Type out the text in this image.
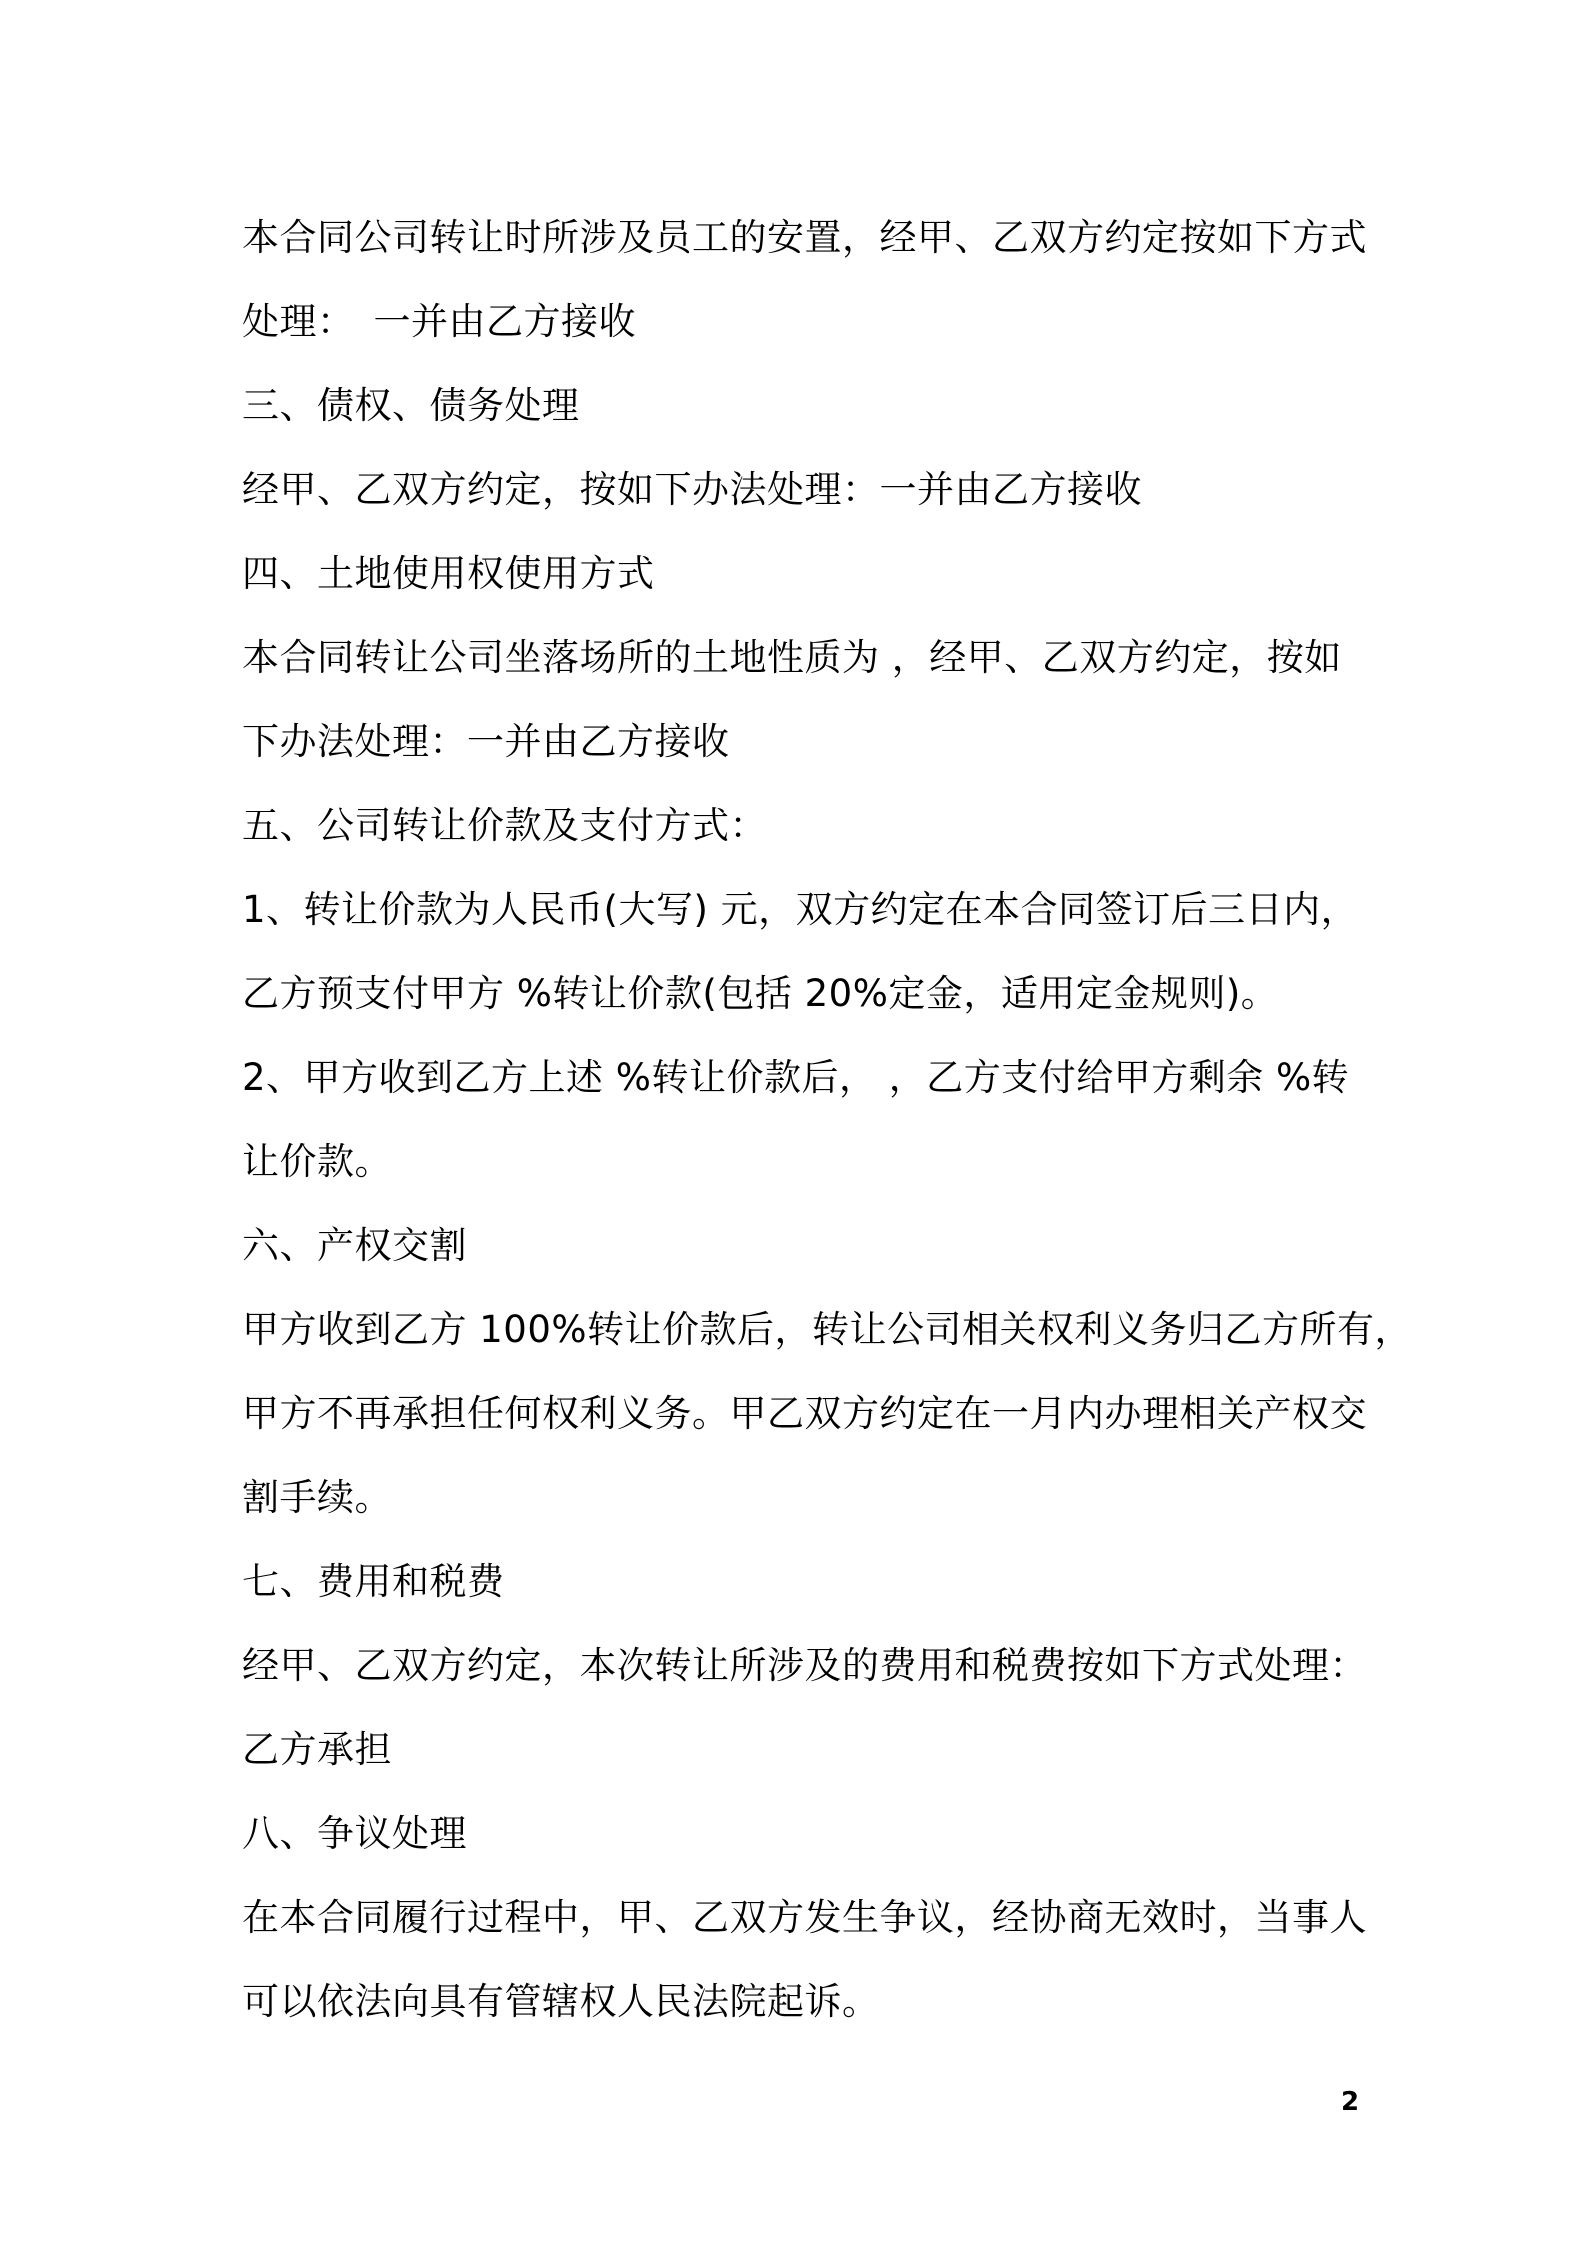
本合同公司转让时所涉及员工的安置，经甲、乙双方约定按如下方式
处理：　一并由乙方接收
三、债权、债务处理
经甲、乙双方约定，按如下办法处理：一并由乙方接收
四、土地使用权使用方式
本合同转让公司坐落场所的土地性质为 ，经甲、乙双方约定，按如
下办法处理：一并由乙方接收
五、公司转让价款及支付方式：
1、转让价款为人民币(大写) 元，双方约定在本合同签订后三日内，
乙方预支付甲方 %转让价款(包括 20%定金，适用定金规则)。
2、甲方收到乙方上述 %转让价款后， ，乙方支付给甲方剩余 %转
让价款。
六、产权交割
甲方收到乙方 100%转让价款后，转让公司相关权利义务归乙方所有，
甲方不再承担任何权利义务。甲乙双方约定在一月内办理相关产权交
割手续。
七、费用和税费
经甲、乙双方约定，本次转让所涉及的费用和税费按如下方式处理：
乙方承担
八、争议处理
在本合同履行过程中，甲、乙双方发生争议，经协商无效时，当事人
可以依法向具有管辖权人民法院起诉。
2
